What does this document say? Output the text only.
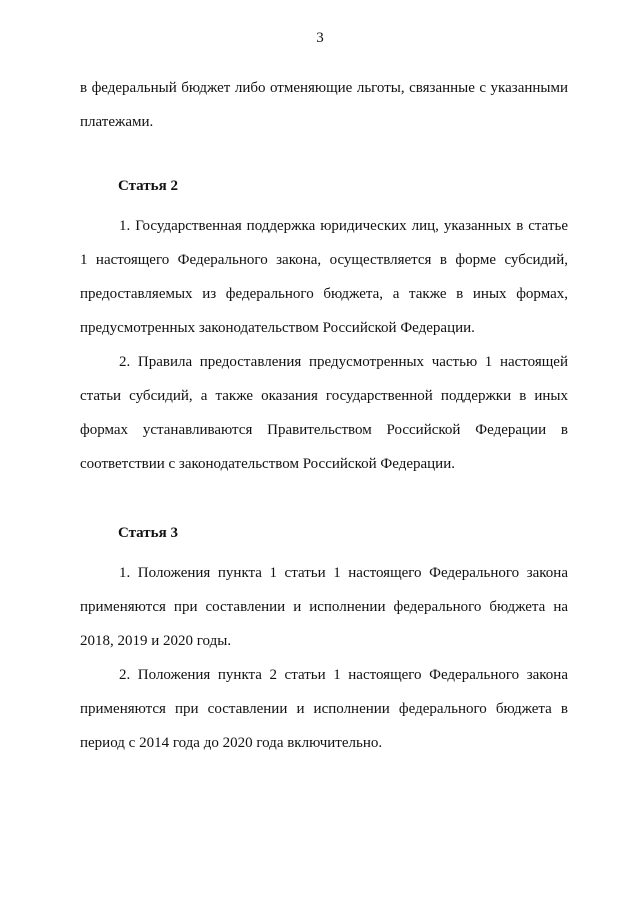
3

в федеральный бюджет либо отменяющие льготы, связанные с указанными платежами.

Статья 2

1. Государственная поддержка юридических лиц, указанных в статье 1 настоящего Федерального закона, осуществляется в форме субсидий, предоставляемых из федерального бюджета, а также в иных формах, предусмотренных законодательством Российской Федерации.

2. Правила предоставления предусмотренных частью 1 настоящей статьи субсидий, а также оказания государственной поддержки в иных формах устанавливаются Правительством Российской Федерации в соответствии с законодательством Российской Федерации.

Статья 3

1. Положения пункта 1 статьи 1 настоящего Федерального закона применяются при составлении и исполнении федерального бюджета на 2018, 2019 и 2020 годы.

2. Положения пункта 2 статьи 1 настоящего Федерального закона применяются при составлении и исполнении федерального бюджета в период с 2014 года до 2020 года включительно.
